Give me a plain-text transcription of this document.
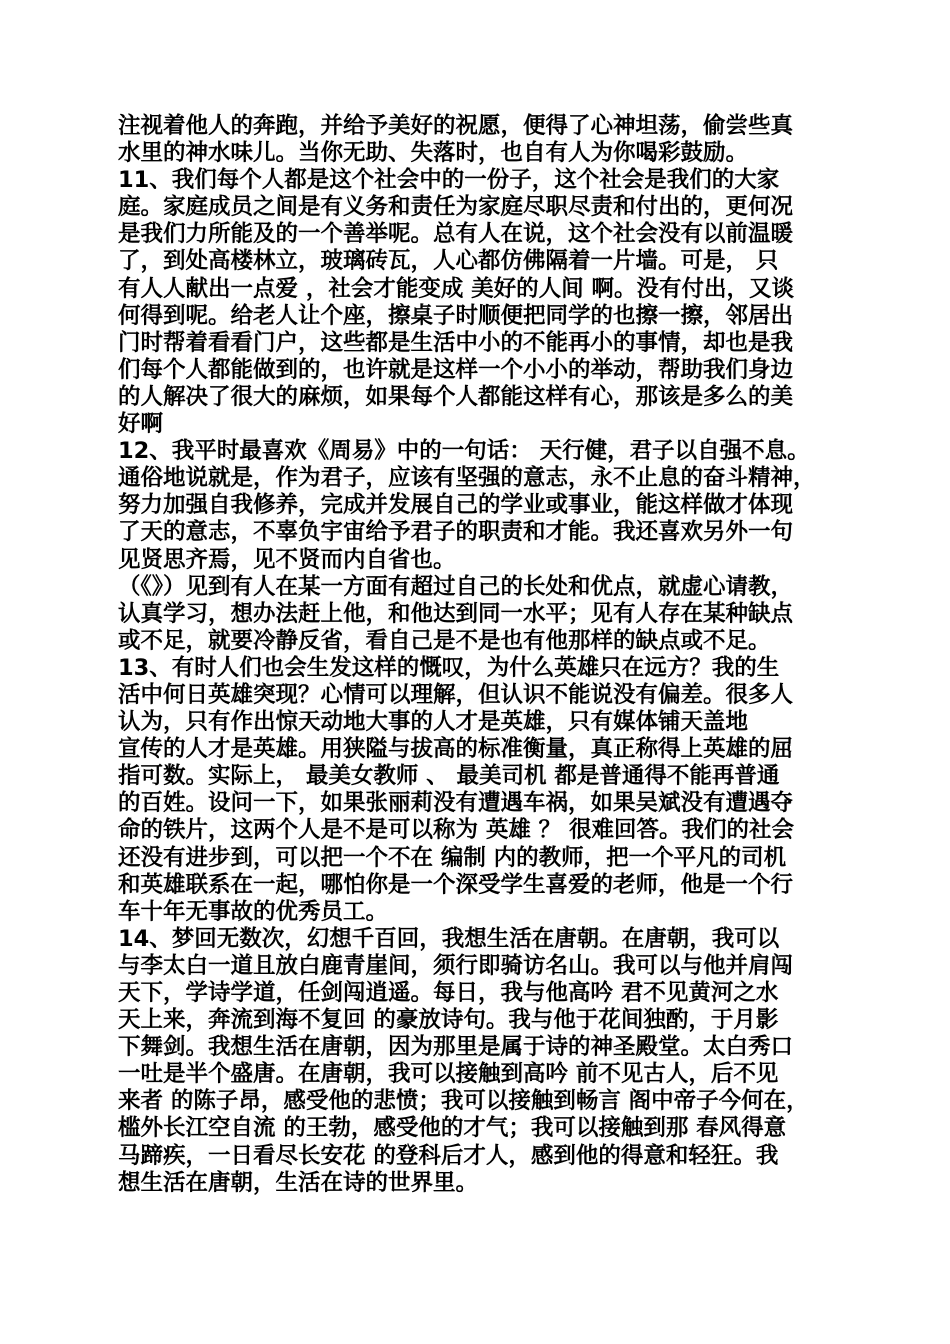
注视着他人的奔跑，并给予美好的祝愿，便得了心神坦荡，偷尝些真
水里的神水味儿。当你无助、失落时，也自有人为你喝彩鼓励。
11、我们每个人都是这个社会中的一份子，这个社会是我们的大家
庭。家庭成员之间是有义务和责任为家庭尽职尽责和付出的，更何况
是我们力所能及的一个善举呢。总有人在说，这个社会没有以前温暖
了，到处高楼林立，玻璃砖瓦，人心都仿佛隔着一片墙。可是， 只
有人人献出一点爱 ，社会才能变成 美好的人间 啊。没有付出，又谈
何得到呢。给老人让个座，擦桌子时顺便把同学的也擦一擦，邻居出
门时帮着看看门户，这些都是生活中小的不能再小的事情，却也是我
们每个人都能做到的，也许就是这样一个小小的举动，帮助我们身边
的人解决了很大的麻烦，如果每个人都能这样有心，那该是多么的美
好啊
12、我平时最喜欢《周易》中的一句话： 天行健，君子以自强不息。
通俗地说就是，作为君子，应该有坚强的意志，永不止息的奋斗精神，
努力加强自我修养，完成并发展自己的学业或事业，能这样做才体现
了天的意志，不辜负宇宙给予君子的职责和才能。我还喜欢另外一句
见贤思齐焉，见不贤而内自省也。
（《》）见到有人在某一方面有超过自己的长处和优点，就虚心请教，
认真学习，想办法赶上他，和他达到同一水平；见有人存在某种缺点
或不足，就要冷静反省，看自己是不是也有他那样的缺点或不足。
13、有时人们也会生发这样的慨叹，为什么英雄只在远方？我的生
活中何日英雄突现？心情可以理解，但认识不能说没有偏差。很多人
认为，只有作出惊天动地大事的人才是英雄，只有媒体铺天盖地
宣传的人才是英雄。用狭隘与拔高的标准衡量，真正称得上英雄的屈
指可数。实际上， 最美女教师 、 最美司机 都是普通得不能再普通
的百姓。设问一下，如果张丽莉没有遭遇车祸，如果吴斌没有遭遇夺
命的铁片，这两个人是不是可以称为 英雄 ？ 很难回答。我们的社会
还没有进步到，可以把一个不在 编制 内的教师，把一个平凡的司机
和英雄联系在一起，哪怕你是一个深受学生喜爱的老师，他是一个行
车十年无事故的优秀员工。
14、梦回无数次，幻想千百回，我想生活在唐朝。在唐朝，我可以
与李太白一道且放白鹿青崖间，须行即骑访名山。我可以与他并肩闯
天下，学诗学道，任剑闯逍遥。每日，我与他高吟 君不见黄河之水
天上来，奔流到海不复回 的豪放诗句。我与他于花间独酌，于月影
下舞剑。我想生活在唐朝，因为那里是属于诗的神圣殿堂。太白秀口
一吐是半个盛唐。在唐朝，我可以接触到高吟 前不见古人，后不见
来者 的陈子昂，感受他的悲愤；我可以接触到畅言 阁中帝子今何在，
槛外长江空自流 的王勃，感受他的才气；我可以接触到那 春风得意
马蹄疾，一日看尽长安花 的登科后才人，感到他的得意和轻狂。我
想生活在唐朝，生活在诗的世界里。
